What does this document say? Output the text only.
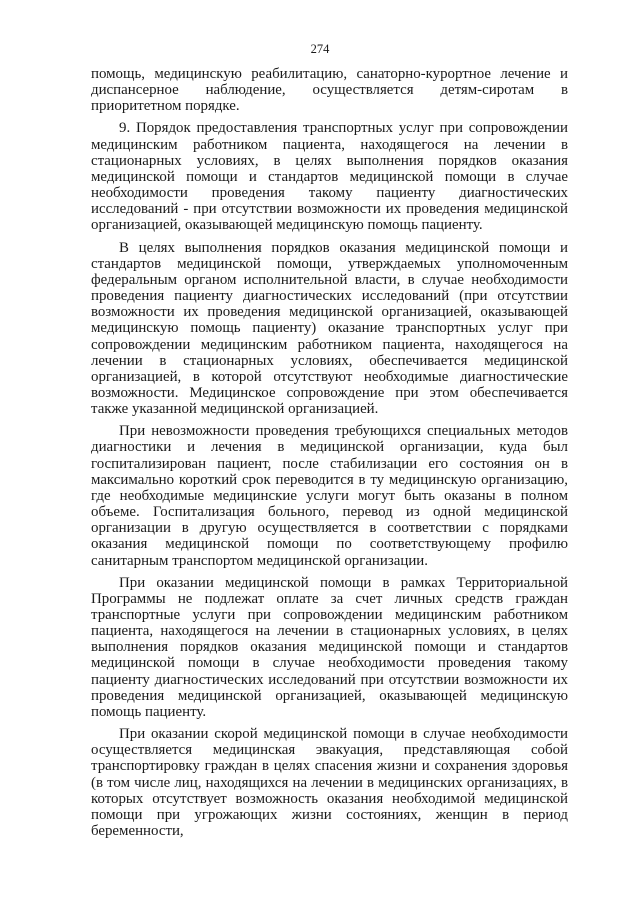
274

помощь, медицинскую реабилитацию, санаторно-курортное лечение и диспансерное наблюдение, осуществляется детям-сиротам в приоритетном порядке.

9. Порядок предоставления транспортных услуг при сопровождении медицинским работником пациента, находящегося на лечении в стационарных условиях, в целях выполнения порядков оказания медицинской помощи и стандартов медицинской помощи в случае необходимости проведения такому пациенту диагностических исследований - при отсутствии возможности их проведения медицинской организацией, оказывающей медицинскую помощь пациенту.

В целях выполнения порядков оказания медицинской помощи и стандартов медицинской помощи, утверждаемых уполномоченным федеральным органом исполнительной власти, в случае необходимости проведения пациенту диагностических исследований (при отсутствии возможности их проведения медицинской организацией, оказывающей медицинскую помощь пациенту) оказание транспортных услуг при сопровождении медицинским работником пациента, находящегося на лечении в стационарных условиях, обеспечивается медицинской организацией, в которой отсутствуют необходимые диагностические возможности. Медицинское сопровождение при этом обеспечивается также указанной медицинской организацией.

При невозможности проведения требующихся специальных методов диагностики и лечения в медицинской организации, куда был госпитализирован пациент, после стабилизации его состояния он в максимально короткий срок переводится в ту медицинскую организацию, где необходимые медицинские услуги могут быть оказаны в полном объеме. Госпитализация больного, перевод из одной медицинской организации в другую осуществляется в соответствии с порядками оказания медицинской помощи по соответствующему профилю санитарным транспортом медицинской организации.

При оказании медицинской помощи в рамках Территориальной Программы не подлежат оплате за счет личных средств граждан транспортные услуги при сопровождении медицинским работником пациента, находящегося на лечении в стационарных условиях, в целях выполнения порядков оказания медицинской помощи и стандартов медицинской помощи в случае необходимости проведения такому пациенту диагностических исследований при отсутствии возможности их проведения медицинской организацией, оказывающей медицинскую помощь пациенту.

При оказании скорой медицинской помощи в случае необходимости осуществляется медицинская эвакуация, представляющая собой транспортировку граждан в целях спасения жизни и сохранения здоровья (в том числе лиц, находящихся на лечении в медицинских организациях, в которых отсутствует возможность оказания необходимой медицинской помощи при угрожающих жизни состояниях, женщин в период беременности,
